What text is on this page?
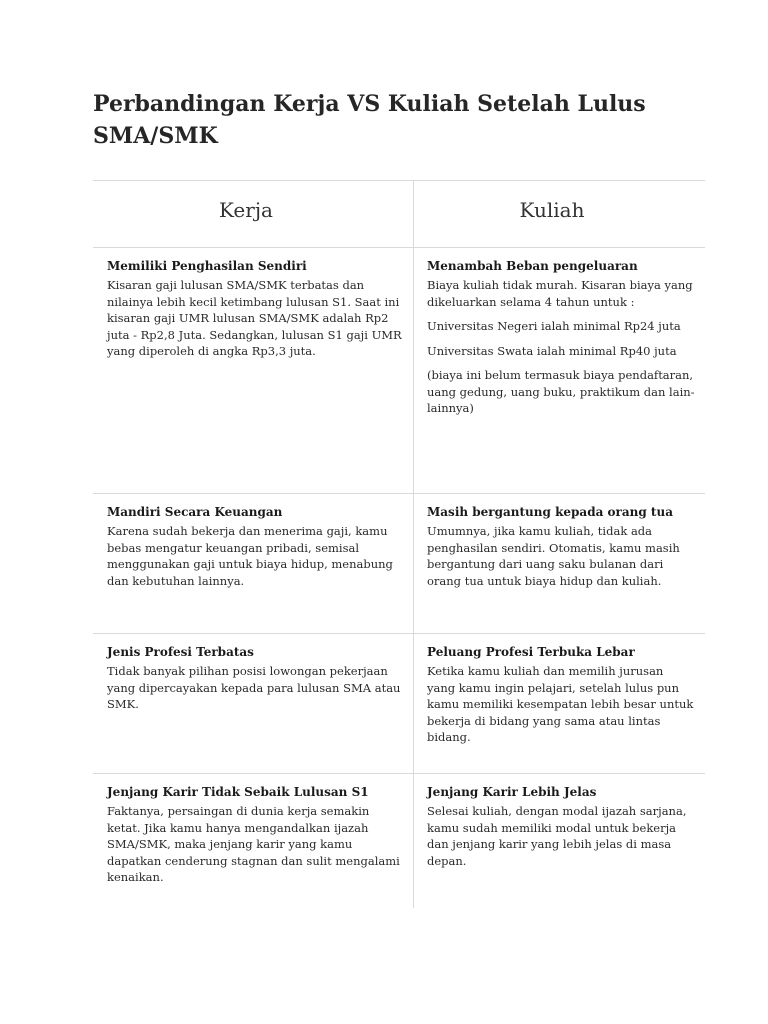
Perbandingan Kerja VS Kuliah Setelah Lulus SMA/SMK
Kerja	Kuliah

Memiliki Penghasilan Sendiri

Kisaran gaji lulusan SMA/SMK terbatas dan nilainya lebih kecil ketimbang lulusan S1. Saat ini kisaran gaji UMR lulusan SMA/SMK adalah Rp2 juta - Rp2,8 Juta. Sedangkan, lulusan S1 gaji UMR yang diperoleh di angka Rp3,3 juta.

Menambah Beban pengeluaran

Biaya kuliah tidak murah. Kisaran biaya yang dikeluarkan selama 4 tahun untuk :

Universitas Negeri ialah minimal Rp24 juta

Universitas Swata ialah minimal Rp40 juta

(biaya ini belum termasuk biaya pendaftaran, uang gedung, uang buku, praktikum dan lain-lainnya)

Mandiri Secara Keuangan

Karena sudah bekerja dan menerima gaji, kamu bebas mengatur keuangan pribadi, semisal menggunakan gaji untuk biaya hidup, menabung dan kebutuhan lainnya.

Masih bergantung kepada orang tua

Umumnya, jika kamu kuliah, tidak ada penghasilan sendiri. Otomatis, kamu masih bergantung dari uang saku bulanan dari orang tua untuk biaya hidup dan kuliah.

Jenis Profesi Terbatas

Tidak banyak pilihan posisi lowongan pekerjaan yang dipercayakan kepada para lulusan SMA atau SMK.

Peluang Profesi Terbuka Lebar

Ketika kamu kuliah dan memilih jurusan yang kamu ingin pelajari, setelah lulus pun kamu memiliki kesempatan lebih besar untuk bekerja di bidang yang sama atau lintas bidang.

Jenjang Karir Tidak Sebaik Lulusan S1

Faktanya, persaingan di dunia kerja semakin ketat. Jika kamu hanya mengandalkan ijazah SMA/SMK, maka jenjang karir yang kamu dapatkan cenderung stagnan dan sulit mengalami kenaikan.

Jenjang Karir Lebih Jelas

Selesai kuliah, dengan modal ijazah sarjana, kamu sudah memiliki modal untuk bekerja dan jenjang karir yang lebih jelas di masa depan.
